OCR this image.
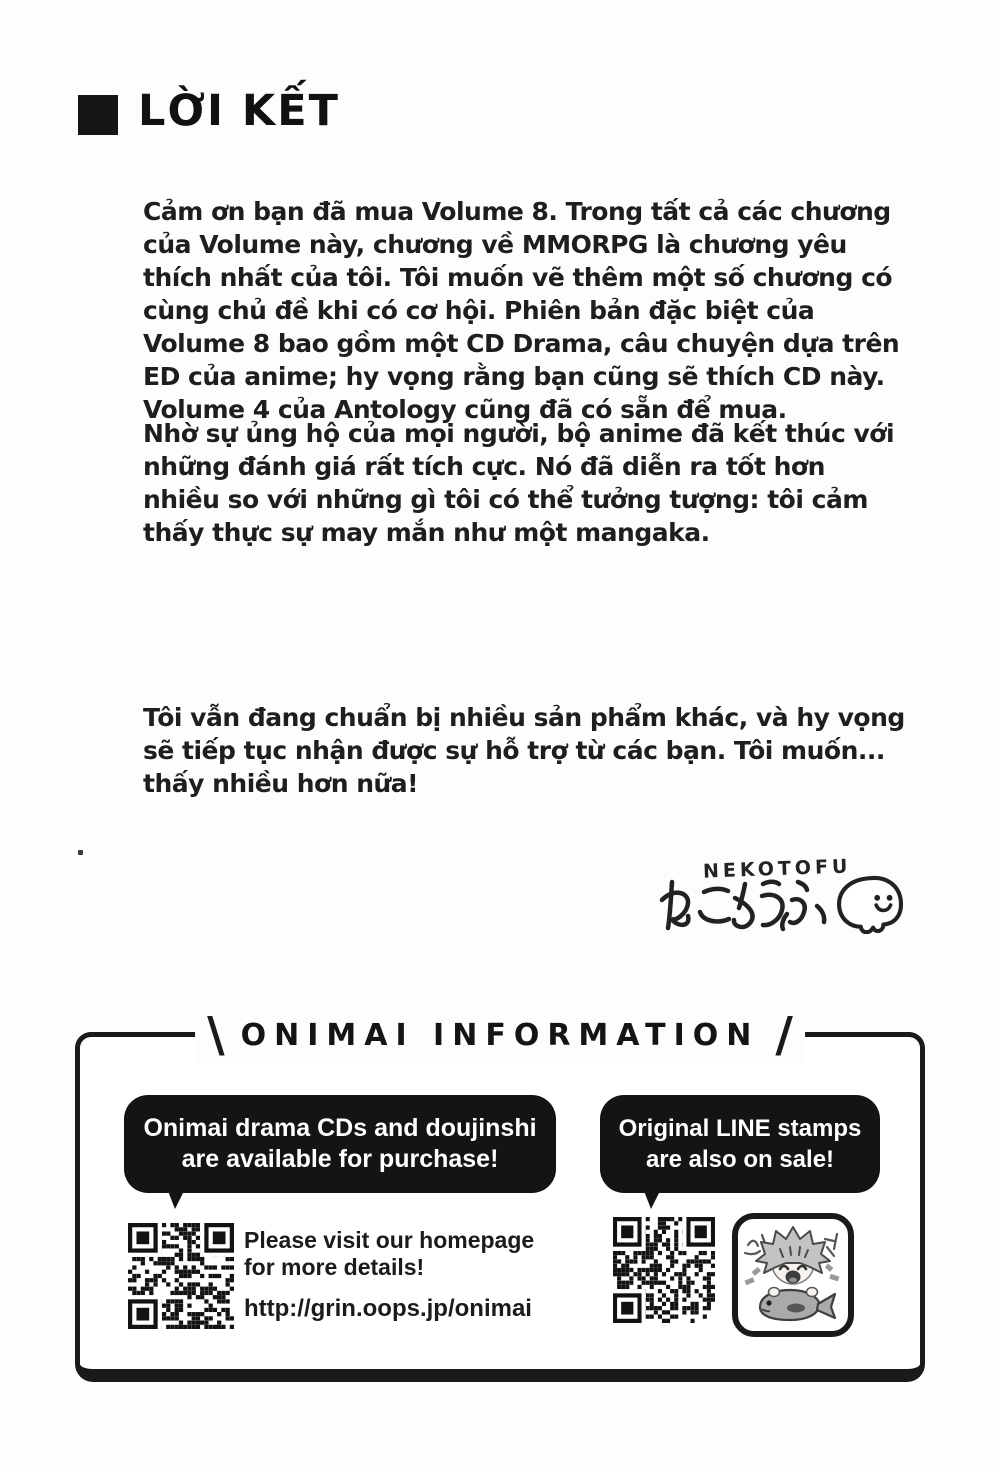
LỜI KẾT

Cảm ơn bạn đã mua Volume 8. Trong tất cả các chương của Volume này, chương về MMORPG là chương yêu thích nhất của tôi. Tôi muốn vẽ thêm một số chương có cùng chủ đề khi có cơ hội. Phiên bản đặc biệt của Volume 8 bao gồm một CD Drama, câu chuyện dựa trên ED của anime; hy vọng rằng bạn cũng sẽ thích CD này. Volume 4 của Antology cũng đã có sẵn để mua.

Nhờ sự ủng hộ của mọi người, bộ anime đã kết thúc với những đánh giá rất tích cực. Nó đã diễn ra tốt hơn nhiều so với những gì tôi có thể tưởng tượng: tôi cảm thấy thực sự may mắn như một mangaka.

Tôi vẫn đang chuẩn bị nhiều sản phẩm khác, và hy vọng sẽ tiếp tục nhận được sự hỗ trợ từ các bạn. Tôi muốn... thấy nhiều hơn nữa!

NEKOTOFU
\ ONIMAI INFORMATION /
Onimai drama CDs and doujinshi
are available for purchase!
Original LINE stamps
are also on sale!
Please visit our homepage
for more details!
http://grin.oops.jp/onimai
